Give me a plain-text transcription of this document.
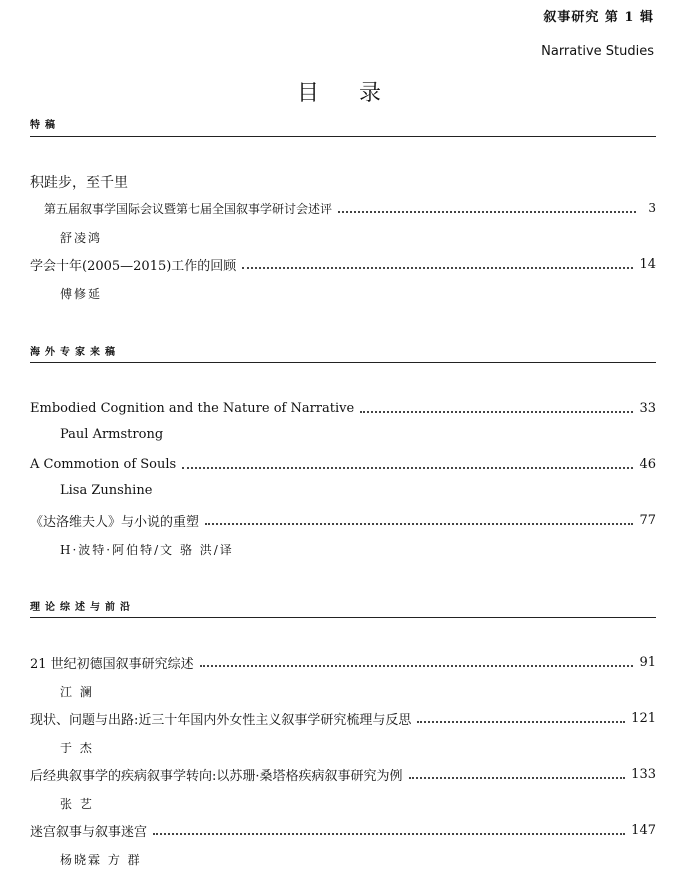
叙事研究 第 1 辑
Narrative Studies
目录
特稿
积跬步，至千里
第五届叙事学国际会议暨第七届全国叙事学研讨会述评	3
舒凌鸿
学会十年(2005—2015)工作的回顾	14
傅修延
海外专家来稿
Embodied Cognition and the Nature of Narrative	33
Paul Armstrong
A Commotion of Souls	46
Lisa Zunshine
《达洛维夫人》与小说的重塑	77
H·波特·阿伯特/文 骆 洪/译
理论综述与前沿
21 世纪初德国叙事研究综述	91
江 澜
现状、问题与出路:近三十年国内外女性主义叙事学研究梳理与反思	121
于 杰
后经典叙事学的疾病叙事学转向:以苏珊·桑塔格疾病叙事研究为例	133
张 艺
迷宫叙事与叙事迷宫	147
杨晓霖 方 群
